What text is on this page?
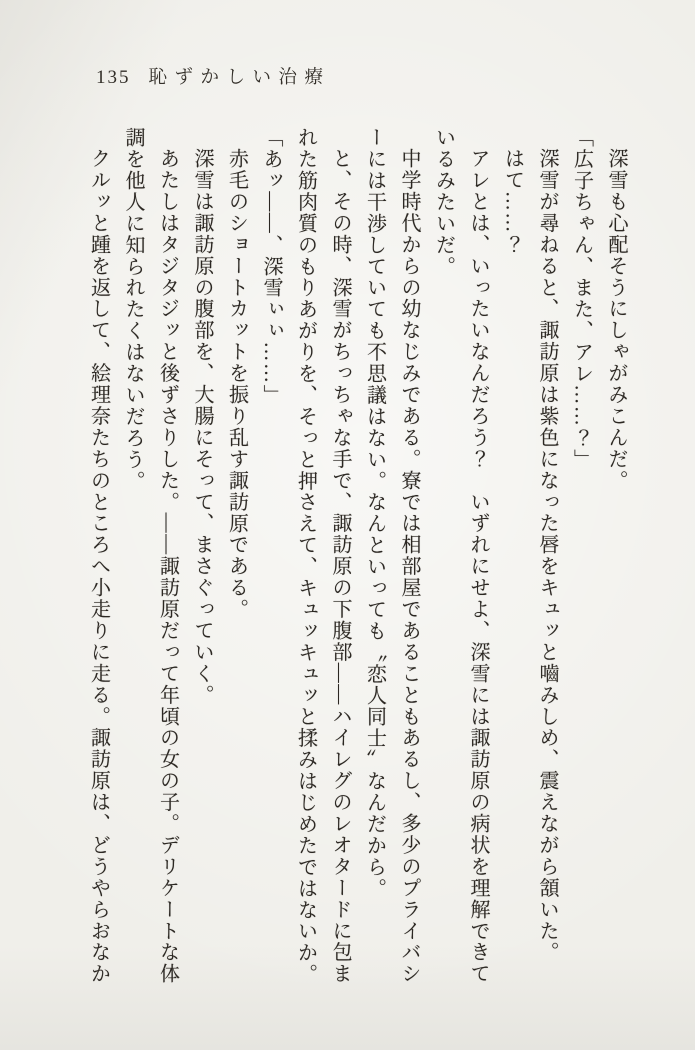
135 恥ずかしい治療
深雪も心配そうにしゃがみこんだ。
「広子ちゃん、また、アレ……？」
深雪が尋ねると、諏訪原は紫色になった唇をキュッと嚙みしめ、震えながら頷いた。
はて……？
アレとは、いったいなんだろう？　いずれにせよ、深雪には諏訪原の病状を理解できて
いるみたいだ。
中学時代からの幼なじみである。寮では相部屋であることもあるし、多少のプライバシ
ーには干渉していても不思議はない。なんといっても〝恋人同士〟なんだから。
と、その時、深雪がちっちゃな手で、諏訪原の下腹部――ハイレグのレオタードに包ま
れた筋肉質のもりあがりを、そっと押さえて、キュッキュッと揉みはじめたではないか。
「あッ――、深雪ぃぃ……」
赤毛のショートカットを振り乱す諏訪原である。
深雪は諏訪原の腹部を、大腸にそって、まさぐっていく。
あたしはタジタジッと後ずさりした。――諏訪原だって年頃の女の子。デリケートな体
調を他人に知られたくはないだろう。
クルッと踵を返して、絵理奈たちのところへ小走りに走る。諏訪原は、どうやらおなか
